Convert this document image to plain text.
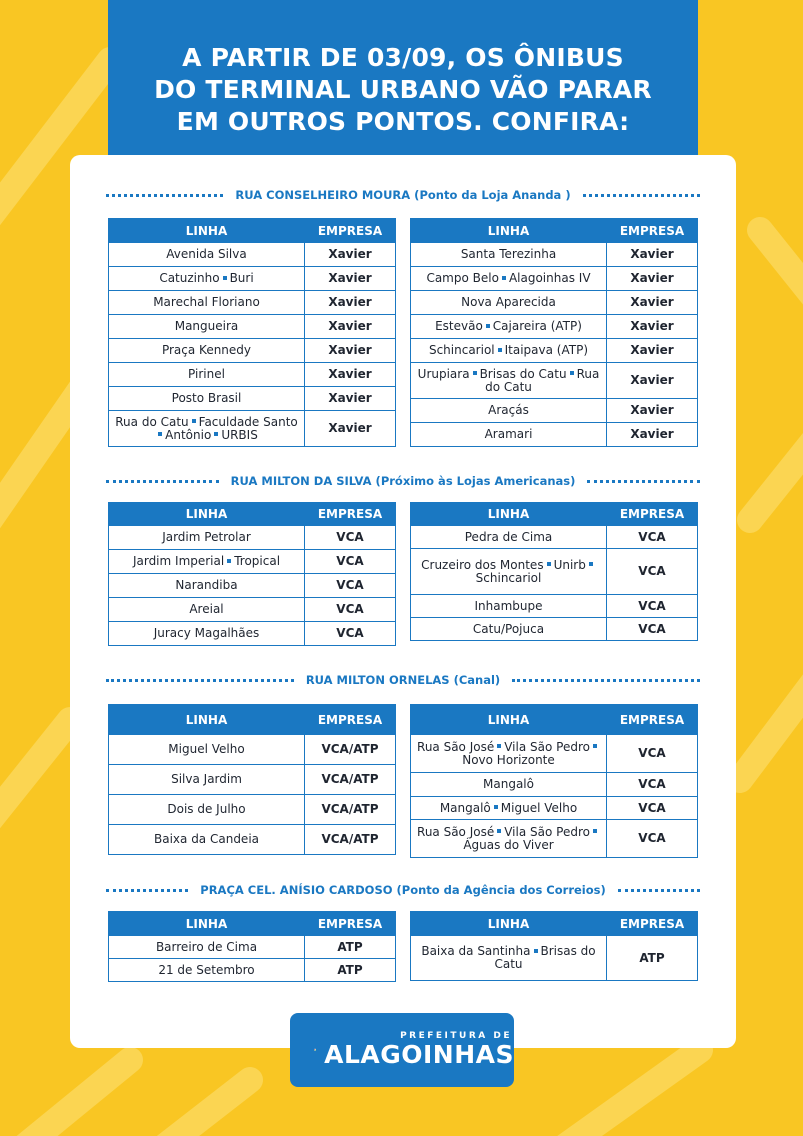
A PARTIR DE 03/09, OS ÔNIBUS
DO TERMINAL URBANO VÃO PARAR
EM OUTROS PONTOS. CONFIRA:
RUA CONSELHEIRO MOURA (Ponto da Loja Ananda )
LINHA	EMPRESA
Avenida Silva	Xavier
Catuzinho Buri	Xavier
Marechal Floriano	Xavier
Mangueira	Xavier
Praça Kennedy	Xavier
Pirinel	Xavier
Posto Brasil	Xavier
Rua do Catu Faculdade SantoAntônio URBIS	Xavier
LINHA	EMPRESA
Santa Terezinha	Xavier
Campo Belo Alagoinhas IV	Xavier
Nova Aparecida	Xavier
Estevão Cajareira (ATP)	Xavier
Schincariol Itaipava (ATP)	Xavier
Urupiara Brisas do Catu Rua do Catu	Xavier
Araçás	Xavier
Aramari	Xavier
RUA MILTON DA SILVA (Próximo às Lojas Americanas)
LINHA	EMPRESA
Jardim Petrolar	VCA
Jardim Imperial Tropical	VCA
Narandiba	VCA
Areial	VCA
Juracy Magalhães	VCA
LINHA	EMPRESA
Pedra de Cima	VCA
Cruzeiro dos Montes UnirbSchincariol	VCA
Inhambupe	VCA
Catu/Pojuca	VCA
RUA MILTON ORNELAS (Canal)
LINHA	EMPRESA
Miguel Velho	VCA/ATP
Silva Jardim	VCA/ATP
Dois de Julho	VCA/ATP
Baixa da Candeia	VCA/ATP
LINHA	EMPRESA
Rua São José Vila São PedroNovo Horizonte	VCA
Mangalô	VCA
Mangalô Miguel Velho	VCA
Rua São José Vila São PedroÁguas do Viver	VCA
PRAÇA CEL. ANÍSIO CARDOSO (Ponto da Agência dos Correios)
LINHA	EMPRESA
Barreiro de Cima	ATP
21 de Setembro	ATP
LINHA	EMPRESA
Baixa da Santinha Brisas do Catu	ATP
PREFEITURA DE
ALAGOINHAS
